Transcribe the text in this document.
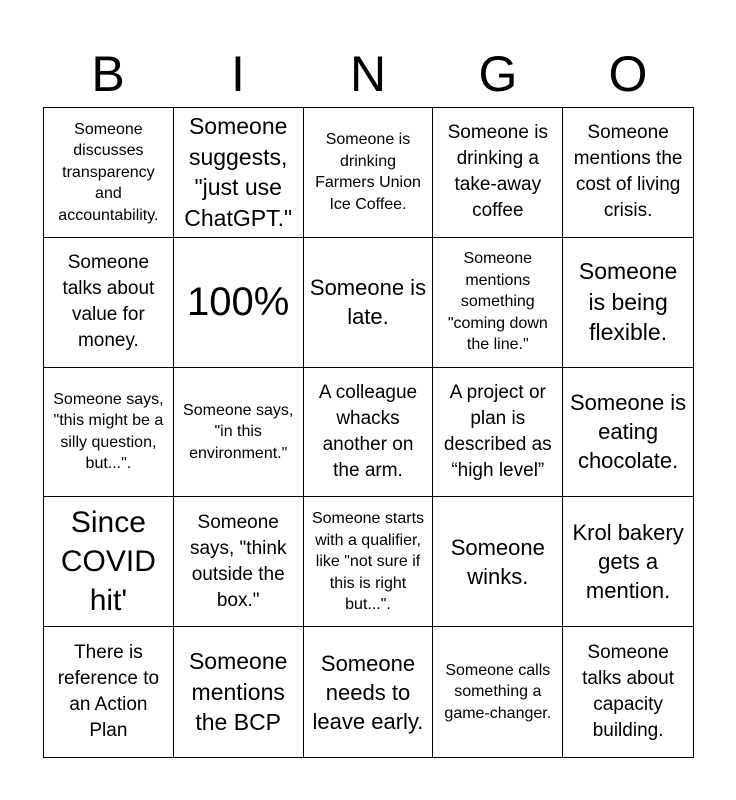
B	I	N	G	O
Someone discusses transparency and accountability.
Someone suggests, "just use ChatGPT."
Someone is drinking Farmers Union Ice Coffee.
Someone is drinking a take-away coffee
Someone mentions the cost of living crisis.
Someone talks about value for money.
100% Someone is late.
Someone mentions something "coming down the line."
Someone is being flexible.
Someone says, "this might be a silly question, but...".
Someone says, "in this environment."
A colleague whacks another on the arm.
A project or plan is described as “high level”
Someone is eating chocolate.
Since COVID hit'
Someone says, "think outside the box."
Someone starts with a qualifier, like "not sure if this is right but...".
Someone winks.
Krol bakery gets a mention.
There is reference to an Action Plan
Someone mentions the BCP
Someone needs to leave early.
Someone calls something a game-changer.
Someone talks about capacity building.
